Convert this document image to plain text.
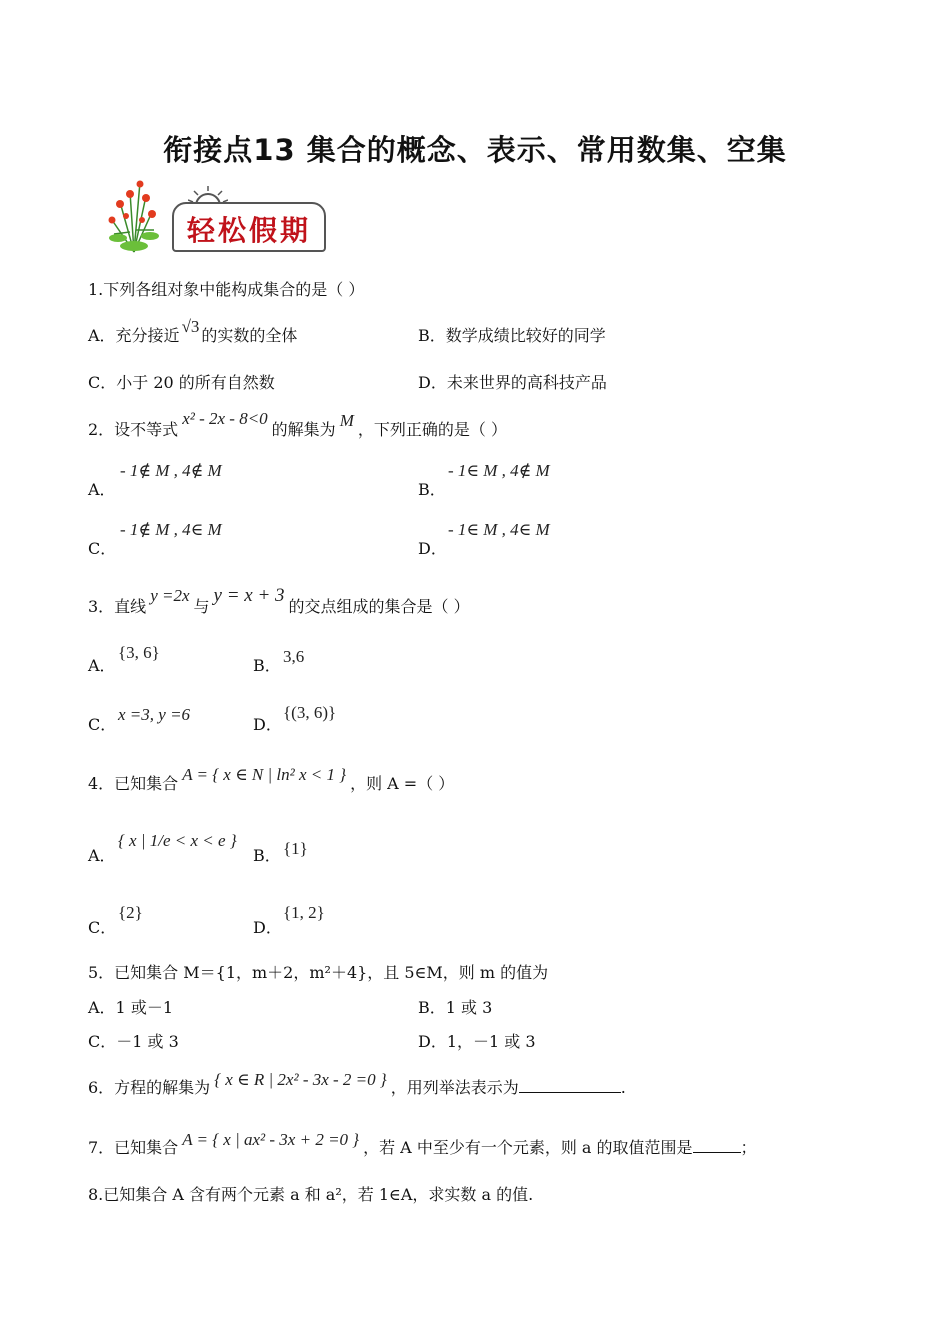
衔接点13 集合的概念、表示、常用数集、空集
轻松假期
1.下列各组对象中能构成集合的是（ ）
A．充分接近 √3 的实数的全体	B．数学成绩比较好的同学
C．小于 20 的所有自然数	D．未来世界的高科技产品
2．设不等式x² - 2x - 8<0的解集为 M ，下列正确的是（ ）
A．
- 1∉ M , 4∉ M
B．
- 1∈ M , 4∉ M
C．
- 1∉ M , 4∈ M
D．
- 1∈ M , 4∈ M
3．直线y =2x与y = x + 3的交点组成的集合是（ ）
A．
{3, 6}
B． 3,6
C．
x =3, y =6
D．
{(3, 6)}
4．已知集合 A = { x ∈ N | ln² x < 1 } ，则 A =（ ）
A．
{ x | 1/e < x < e }
B． {1}
C．
{2}
D．
{1, 2}
5．已知集合 M＝{1，m＋2，m²＋4}，且 5∈M，则 m 的值为
A．1 或－1	B．1 或 3
C．－1 或 3	D．1，－1 或 3
6．方程的解集为 { x ∈ R | 2x² - 3x - 2 =0 } ，用列举法表示为	.
7．已知集合 A = { x | ax² - 3x + 2 =0 } ，若 A 中至少有一个元素，则 a 的取值范围是	；
8.已知集合 A 含有两个元素 a 和 a²，若 1∈A，求实数 a 的值.
